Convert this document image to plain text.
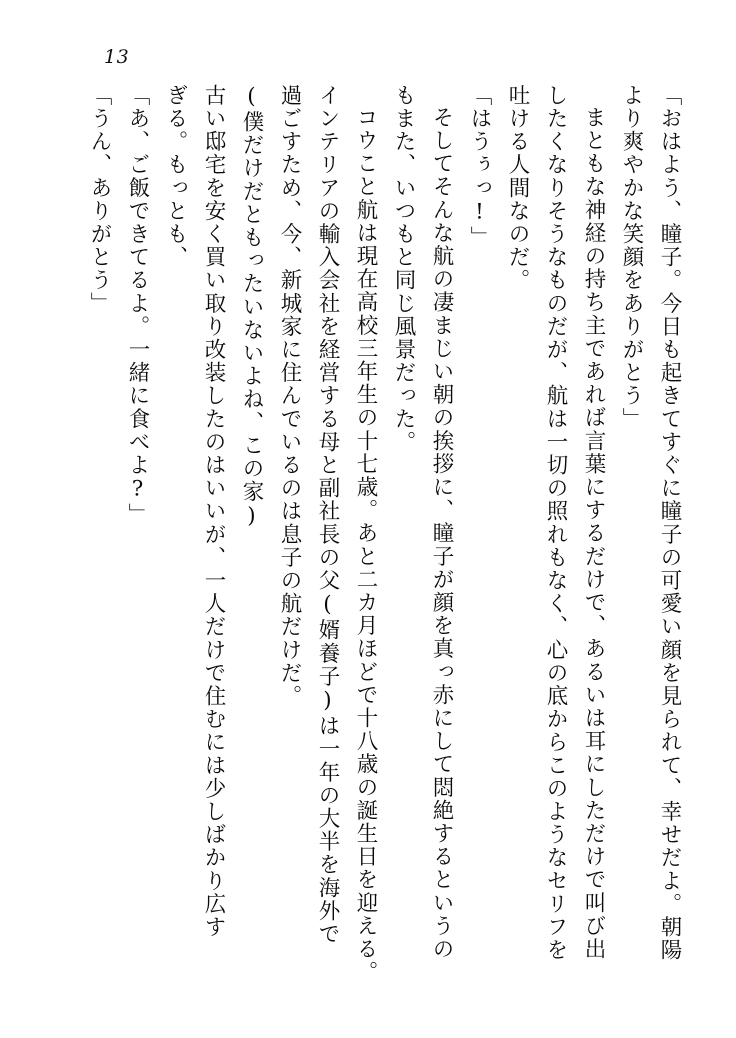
13
「おはよう、瞳子。今日も起きてすぐに瞳子の可愛い顔を見られて、幸せだよ。朝陽
より爽やかな笑顔をありがとう」
まともな神経の持ち主であれば言葉にするだけで、あるいは耳にしただけで叫び出
したくなりそうなものだが、航は一切の照れもなく、心の底からこのようなセリフを
吐ける人間なのだ。
「はうぅっ!」
そしてそんな航の凄まじい朝の挨拶に、瞳子が顔を真っ赤にして悶絶するというの
もまた、いつもと同じ風景だった。
コウこと航は現在高校三年生の十七歳。あと二カ月ほどで十八歳の誕生日を迎える。
インテリアの輸入会社を経営する母と副社長の父(婿養子)は一年の大半を海外で
過ごすため、今、新城家に住んでいるのは息子の航だけだ。
(僕だけだともったいないよね、この家)
古い邸宅を安く買い取り改装したのはいいが、一人だけで住むには少しばかり広す
ぎる。もっとも、
「あ、ご飯できてるよ。一緒に食べよ?」
「うん、ありがとう」
